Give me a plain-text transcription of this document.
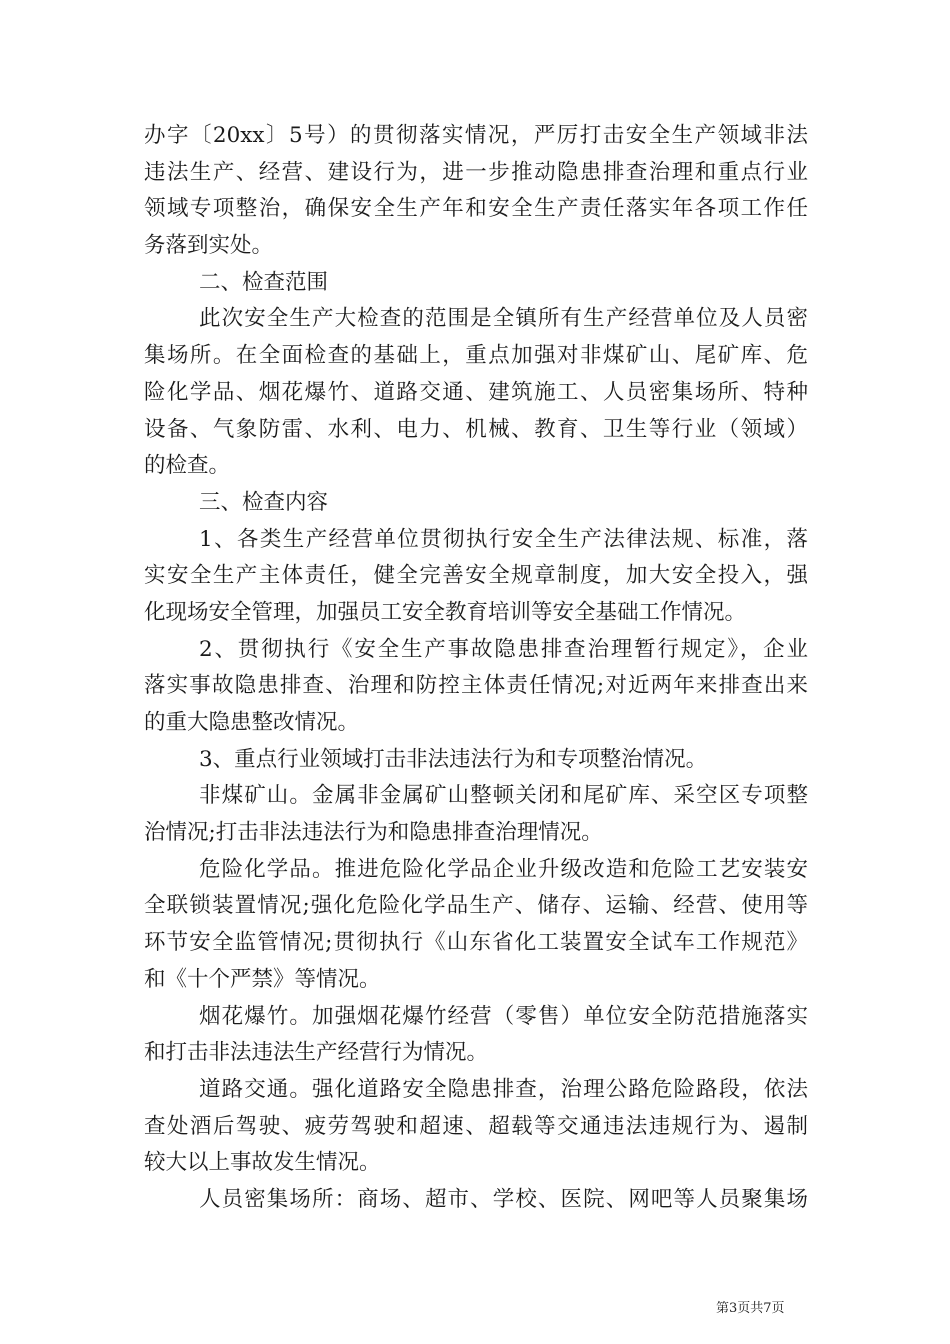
办字〔20xx〕5号）的贯彻落实情况，严厉打击安全生产领域非法
违法生产、经营、建设行为，进一步推动隐患排查治理和重点行业
领域专项整治，确保安全生产年和安全生产责任落实年各项工作任
务落到实处。
二、检查范围
此次安全生产大检查的范围是全镇所有生产经营单位及人员密
集场所。在全面检查的基础上，重点加强对非煤矿山、尾矿库、危
险化学品、烟花爆竹、道路交通、建筑施工、人员密集场所、特种
设备、气象防雷、水利、电力、机械、教育、卫生等行业（领域）
的检查。
三、检查内容
1、各类生产经营单位贯彻执行安全生产法律法规、标准，落
实安全生产主体责任，健全完善安全规章制度，加大安全投入，强
化现场安全管理，加强员工安全教育培训等安全基础工作情况。
2、贯彻执行《安全生产事故隐患排查治理暂行规定》，企业
落实事故隐患排查、治理和防控主体责任情况;对近两年来排查出来
的重大隐患整改情况。
3、重点行业领域打击非法违法行为和专项整治情况。
非煤矿山。金属非金属矿山整顿关闭和尾矿库、采空区专项整
治情况;打击非法违法行为和隐患排查治理情况。
危险化学品。推进危险化学品企业升级改造和危险工艺安装安
全联锁装置情况;强化危险化学品生产、储存、运输、经营、使用等
环节安全监管情况;贯彻执行《山东省化工装置安全试车工作规范》
和《十个严禁》等情况。
烟花爆竹。加强烟花爆竹经营（零售）单位安全防范措施落实
和打击非法违法生产经营行为情况。
道路交通。强化道路安全隐患排查，治理公路危险路段，依法
查处酒后驾驶、疲劳驾驶和超速、超载等交通违法违规行为、遏制
较大以上事故发生情况。
人员密集场所：商场、超市、学校、医院、网吧等人员聚集场
第3页共7页
